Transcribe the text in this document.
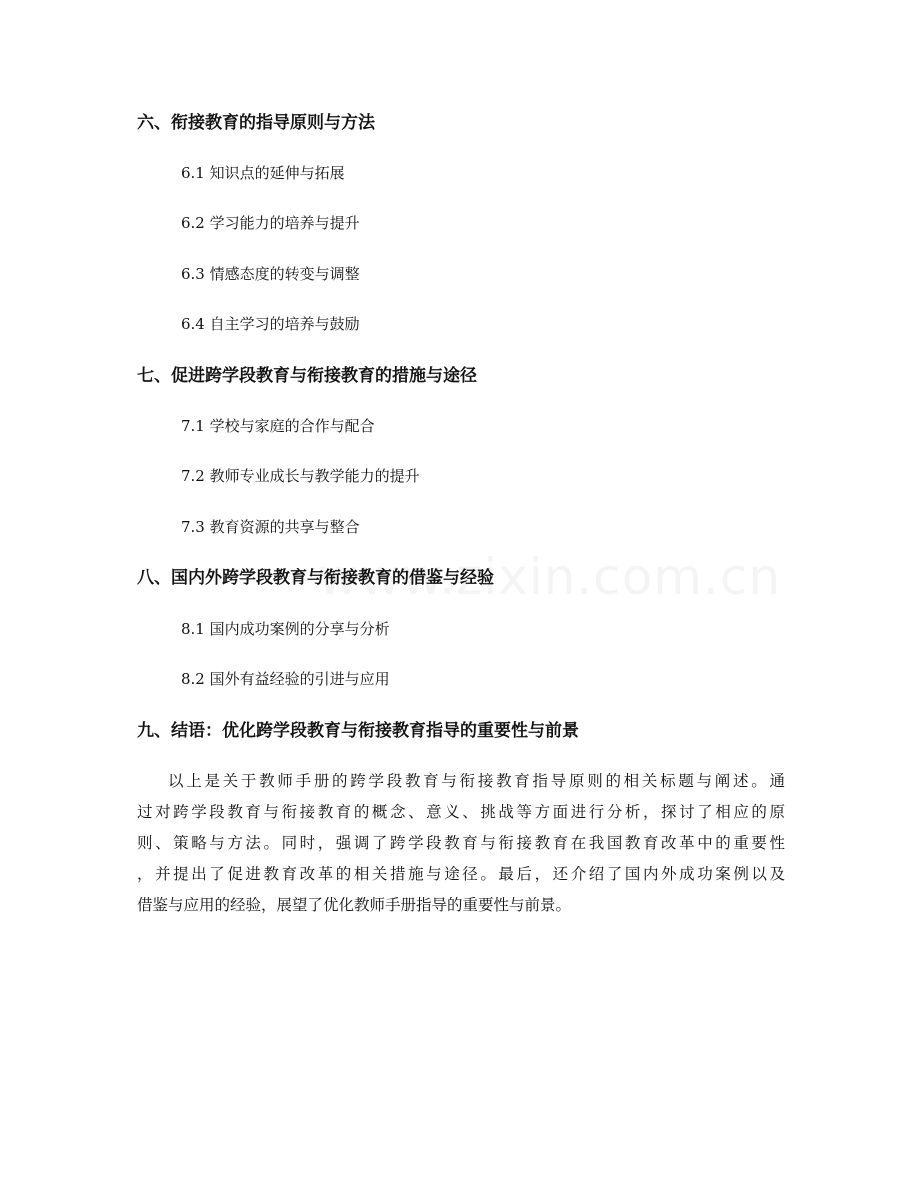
六、衔接教育的指导原则与方法
6.1 知识点的延伸与拓展
6.2 学习能力的培养与提升
6.3 情感态度的转变与调整
6.4 自主学习的培养与鼓励
七、促进跨学段教育与衔接教育的措施与途径
7.1 学校与家庭的合作与配合
7.2 教师专业成长与教学能力的提升
7.3 教育资源的共享与整合
八、国内外跨学段教育与衔接教育的借鉴与经验
8.1 国内成功案例的分享与分析
8.2 国外有益经验的引进与应用
九、结语：优化跨学段教育与衔接教育指导的重要性与前景
以上是关于教师手册的跨学段教育与衔接教育指导原则的相关标题与阐述。通
过对跨学段教育与衔接教育的概念、意义、挑战等方面进行分析，探讨了相应的原
则、策略与方法。同时，强调了跨学段教育与衔接教育在我国教育改革中的重要性
，并提出了促进教育改革的相关措施与途径。最后，还介绍了国内外成功案例以及
借鉴与应用的经验，展望了优化教师手册指导的重要性与前景。
